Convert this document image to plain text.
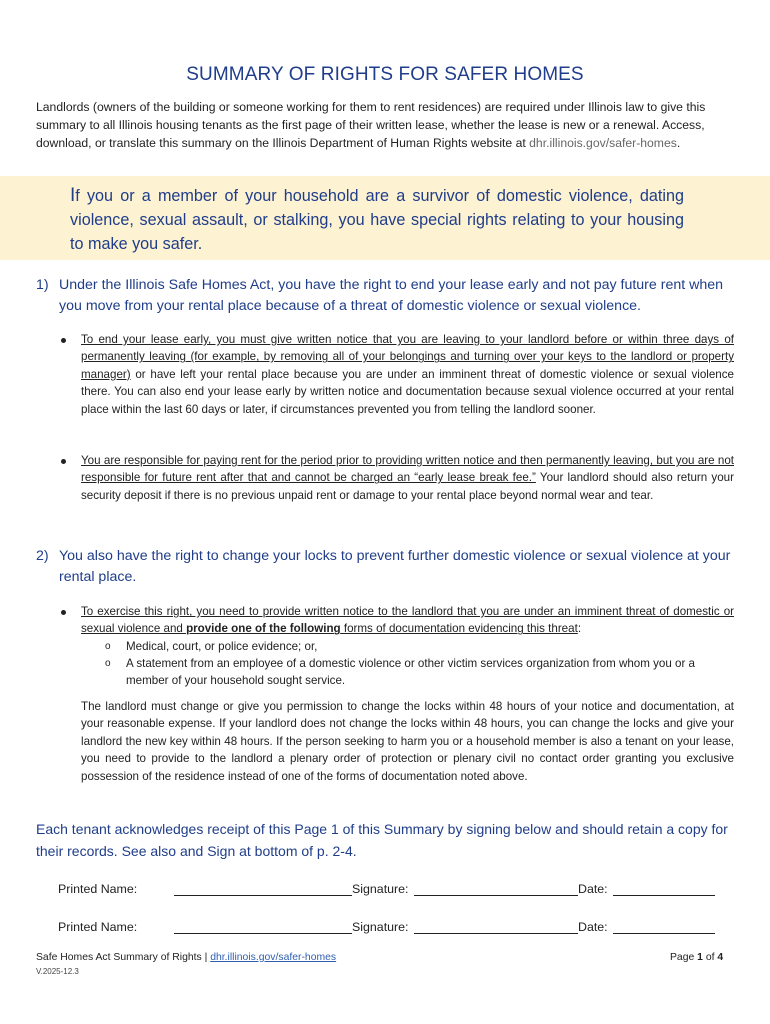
SUMMARY OF RIGHTS FOR SAFER HOMES
Landlords (owners of the building or someone working for them to rent residences) are required under Illinois law to give this summary to all Illinois housing tenants as the first page of their written lease, whether the lease is new or a renewal. Access, download, or translate this summary on the Illinois Department of Human Rights website at dhr.illinois.gov/safer-homes.
If you or a member of your household are a survivor of domestic violence, dating violence, sexual assault, or stalking, you have special rights relating to your housing to make you safer.
1) Under the Illinois Safe Homes Act, you have the right to end your lease early and not pay future rent when you move from your rental place because of a threat of domestic violence or sexual violence.
To end your lease early, you must give written notice that you are leaving to your landlord before or within three days of permanently leaving (for example, by removing all of your belongings and turning over your keys to the landlord or property manager) or have left your rental place because you are under an imminent threat of domestic violence or sexual violence there. You can also end your lease early by written notice and documentation because sexual violence occurred at your rental place within the last 60 days or later, if circumstances prevented you from telling the landlord sooner.
You are responsible for paying rent for the period prior to providing written notice and then permanently leaving, but you are not responsible for future rent after that and cannot be charged an “early lease break fee.” Your landlord should also return your security deposit if there is no previous unpaid rent or damage to your rental place beyond normal wear and tear.
2) You also have the right to change your locks to prevent further domestic violence or sexual violence at your rental place.
To exercise this right, you need to provide written notice to the landlord that you are under an imminent threat of domestic or sexual violence and provide one of the following forms of documentation evidencing this threat:
o Medical, court, or police evidence; or,
o A statement from an employee of a domestic violence or other victim services organization from whom you or a member of your household sought service.
The landlord must change or give you permission to change the locks within 48 hours of your notice and documentation, at your reasonable expense. If your landlord does not change the locks within 48 hours, you can change the locks and give your landlord the new key within 48 hours. If the person seeking to harm you or a household member is also a tenant on your lease, you need to provide to the landlord a plenary order of protection or plenary civil no contact order granting you exclusive possession of the residence instead of one of the forms of documentation noted above.
Each tenant acknowledges receipt of this Page 1 of this Summary by signing below and should retain a copy for their records. See also and Sign at bottom of p. 2-4.
Printed Name:	Signature:	Date:
Printed Name:	Signature:	Date:
Safe Homes Act Summary of Rights | dhr.illinois.gov/safer-homes
V.2025-12.3
Page 1 of 4
